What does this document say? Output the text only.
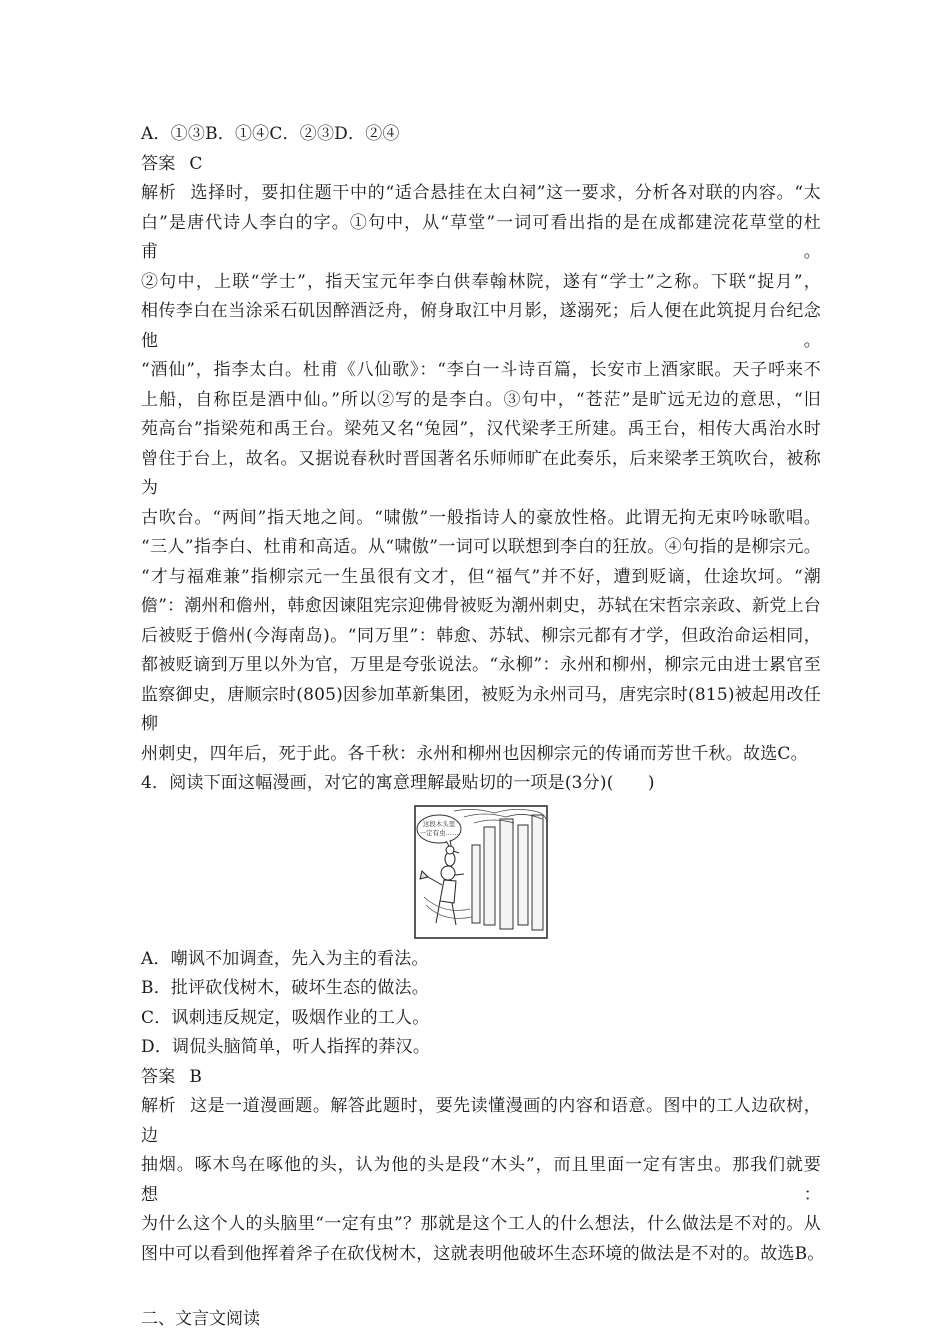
A．①③B．①④C．②③D．②④
答案 C
解析 选择时，要扣住题干中的“适合悬挂在太白祠”这一要求，分析各对联的内容。“太
白”是唐代诗人李白的字。①句中，从“草堂”一词可看出指的是在成都建浣花草堂的杜甫。
②句中，上联“学士”，指天宝元年李白供奉翰林院，遂有“学士”之称。下联“捉月”，
相传李白在当涂采石矶因醉酒泛舟，俯身取江中月影，遂溺死；后人便在此筑捉月台纪念他。
“酒仙”，指李太白。杜甫《八仙歌》：“李白一斗诗百篇，长安市上酒家眠。天子呼来不
上船，自称臣是酒中仙。”所以②写的是李白。③句中，“苍茫”是旷远无边的意思，“旧
苑高台”指梁苑和禹王台。梁苑又名“兔园”，汉代梁孝王所建。禹王台，相传大禹治水时
曾住于台上，故名。又据说春秋时晋国著名乐师师旷在此奏乐，后来梁孝王筑吹台，被称为
古吹台。“两间”指天地之间。“啸傲”一般指诗人的豪放性格。此谓无拘无束吟咏歌唱。
“三人”指李白、杜甫和高适。从“啸傲”一词可以联想到李白的狂放。④句指的是柳宗元。
“才与福难兼”指柳宗元一生虽很有文才，但“福气”并不好，遭到贬谪，仕途坎坷。“潮
儋”：潮州和儋州，韩愈因谏阻宪宗迎佛骨被贬为潮州刺史，苏轼在宋哲宗亲政、新党上台
后被贬于儋州(今海南岛)。“同万里”：韩愈、苏轼、柳宗元都有才学，但政治命运相同，
都被贬谪到万里以外为官，万里是夸张说法。“永柳”：永州和柳州，柳宗元由进士累官至
监察御史，唐顺宗时(805)因参加革新集团，被贬为永州司马，唐宪宗时(815)被起用改任柳
州刺史，四年后，死于此。各千秋：永州和柳州也因柳宗元的传诵而芳世千秋。故选C。
4．阅读下面这幅漫画，对它的寓意理解最贴切的一项是(3分)(　　)
这段木头里
一定有虫……
A．嘲讽不加调查，先入为主的看法。
B．批评砍伐树木，破坏生态的做法。
C．讽刺违反规定，吸烟作业的工人。
D．调侃头脑简单，听人指挥的莽汉。
答案 B
解析 这是一道漫画题。解答此题时，要先读懂漫画的内容和语意。图中的工人边砍树，边
抽烟。啄木鸟在啄他的头，认为他的头是段“木头”，而且里面一定有害虫。那我们就要想：
为什么这个人的头脑里“一定有虫”？那就是这个工人的什么想法，什么做法是不对的。从
图中可以看到他挥着斧子在砍伐树木，这就表明他破坏生态环境的做法是不对的。故选B。
二、文言文阅读
